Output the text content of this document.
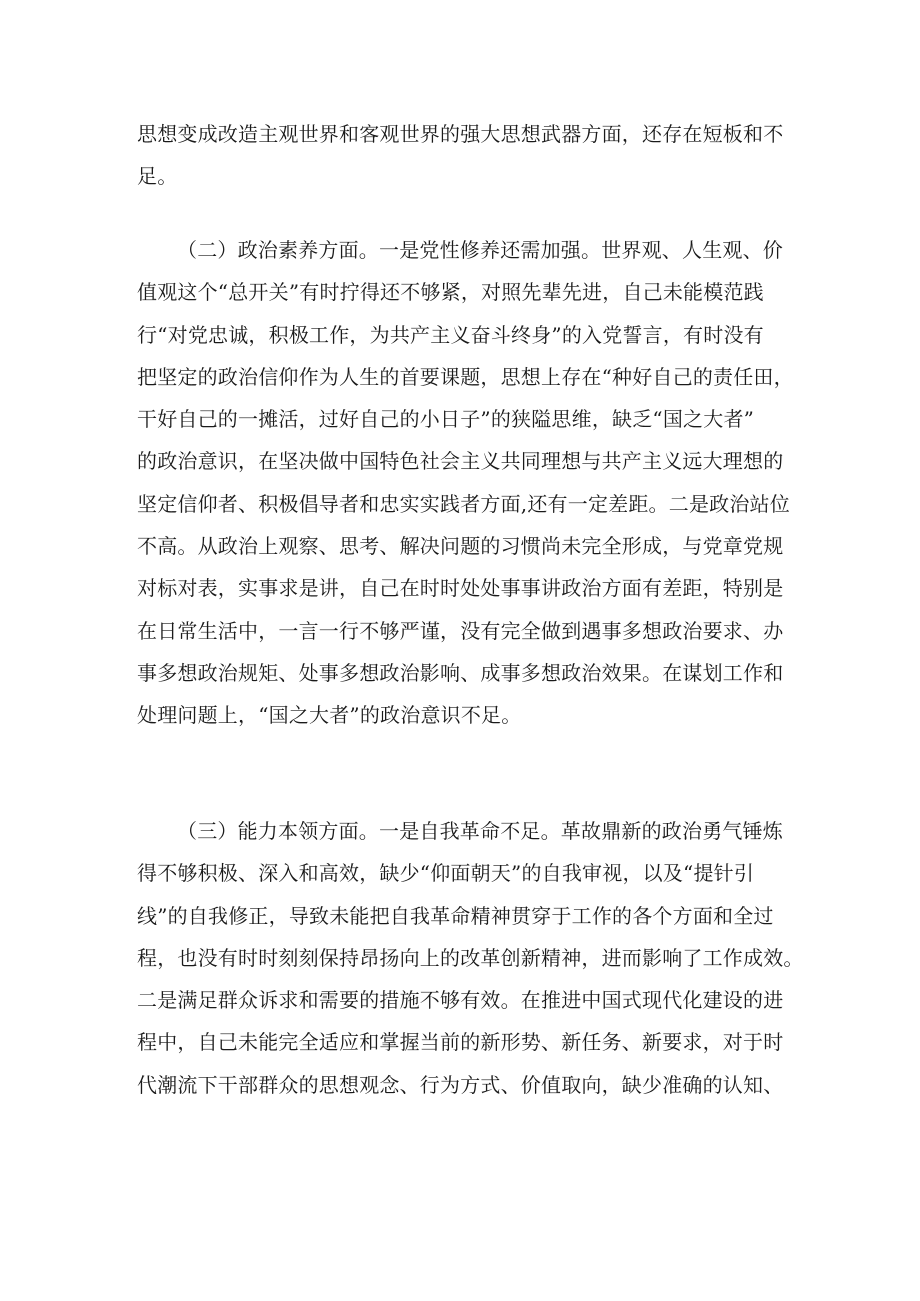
思想变成改造主观世界和客观世界的强大思想武器方面，还存在短板和不
足。
（二）政治素养方面。一是党性修养还需加强。世界观、人生观、价
值观这个“总开关”有时拧得还不够紧，对照先辈先进，自己未能模范践
行“对党忠诚，积极工作，为共产主义奋斗终身”的入党誓言，有时没有
把坚定的政治信仰作为人生的首要课题，思想上存在“种好自己的责任田，
干好自己的一摊活，过好自己的小日子”的狭隘思维，缺乏“国之大者”
的政治意识，在坚决做中国特色社会主义共同理想与共产主义远大理想的
坚定信仰者、积极倡导者和忠实实践者方面,还有一定差距。二是政治站位
不高。从政治上观察、思考、解决问题的习惯尚未完全形成，与党章党规
对标对表，实事求是讲，自己在时时处处事事讲政治方面有差距，特别是
在日常生活中，一言一行不够严谨，没有完全做到遇事多想政治要求、办
事多想政治规矩、处事多想政治影响、成事多想政治效果。在谋划工作和
处理问题上，“国之大者”的政治意识不足。
（三）能力本领方面。一是自我革命不足。革故鼎新的政治勇气锤炼
得不够积极、深入和高效，缺少“仰面朝天”的自我审视，以及“提针引
线”的自我修正，导致未能把自我革命精神贯穿于工作的各个方面和全过
程，也没有时时刻刻保持昂扬向上的改革创新精神，进而影响了工作成效。
二是满足群众诉求和需要的措施不够有效。在推进中国式现代化建设的进
程中，自己未能完全适应和掌握当前的新形势、新任务、新要求，对于时
代潮流下干部群众的思想观念、行为方式、价值取向，缺少准确的认知、
